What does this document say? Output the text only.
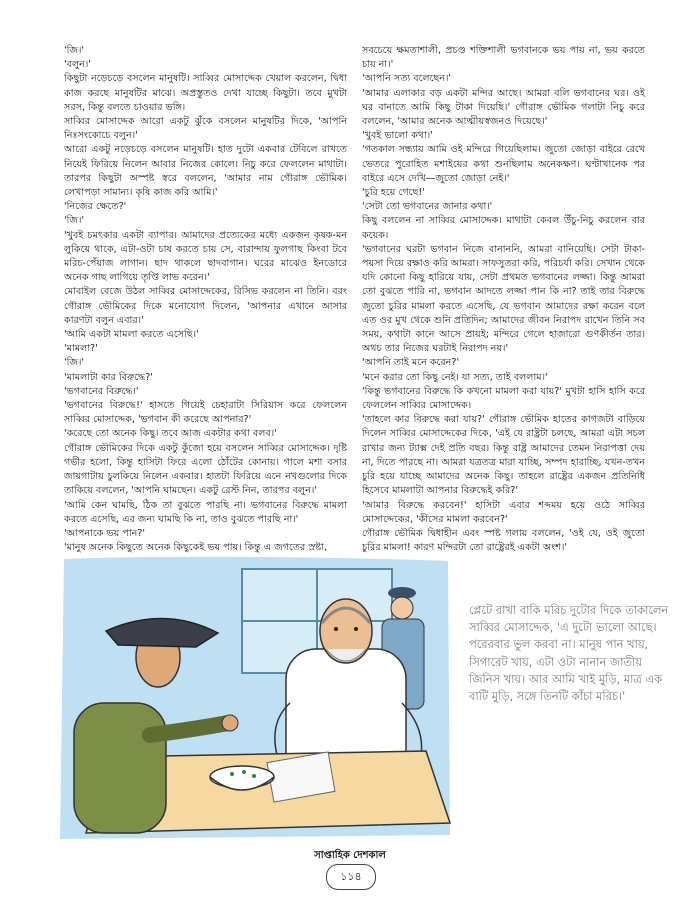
'জি।'

'বলুন।'

কিছুটা নড়েচড়ে বসলেন মানুষটি। সাব্বির মোসাদ্দেক খেয়াল করলেন, দ্বিধা কাজ করছে মানুষটির মাঝে। অপ্রস্তুতও দেখা যাচ্ছে কিছুটা। তবে মুখটা সরস, কিন্তু বলতে চাওয়ার ভঙ্গি।

সাব্বির মোসাদ্দেক আরো একটু ঝুঁকে বসলেন মানুষটির দিকে, 'আপনি নিঃসংকোচে বলুন।'

আরো একটু নড়েচড়ে বসলেন মানুষটি। হাত দুটো একবার টেবিলে রাখতে নিয়েই ফিরিয়ে নিলেন আবার নিজের কোলে। নিচু করে ফেললেন মাথাটা। তারপর কিছুটা অস্পষ্ট স্বরে বললেন, 'আমার নাম গৌরাঙ্গ ভৌমিক। লেখাপড়া সামান্য। কৃষি কাজ করি আমি।'

'নিজের ক্ষেতে?'

'জি।'

'খুবই চমৎকার একটা ব্যাপার। আমাদের প্রত্যেকের মধ্যে একজন কৃষক-মন লুকিয়ে থাকে, এটা-ওটা চাষ করতে চায় সে, বারান্দায় ফুলগাছ কিংবা টবে মরিচ-পেঁয়াজ লাগান। ছাদ থাকলে ছাদবাগান। ঘরের মাঝেও ইনডোরে অনেক গাছ লাগিয়ে তৃপ্তি লাভ করেন।'

মোবাইল বেজে উঠল সাব্বির মোসাদ্দেকের, রিসিভ করলেন না তিনি। বরং গৌরাঙ্গ ভৌমিকের দিকে মনোযোগ দিলেন, 'আপনার এখানে আসার কারণটা বলুন এবার।'

'আমি একটা মামলা করতে এসেছি।'

'মামলা?'

'জি।'

'মামলাটা কার বিরুদ্ধে?'

'ভগবানের বিরুদ্ধে।'

'ভগবানের বিরুদ্ধে!' হাসতে গিয়েই চেহারাটা সিরিয়াস করে ফেললেন সাব্বির মোসাদ্দেক, 'ভগবান কী করেছে আপনার?'

'করেছে তো অনেক কিছু। তবে আজ একটার কথা বলব।'

গৌরাঙ্গ ভৌমিকের দিকে একটু কুঁজো হয়ে বসলেন সাব্বির মোসাদ্দেক। দৃষ্টি গভীর হলো, কিন্তু হাসিটা ফিরে এলো ঠোঁটের কোনায়। গালে মশা বসার জায়গাটায় চুলকিয়ে নিলেন একবার। হাতটা ফিরিয়ে এনে নখগুলোর দিকে তাকিয়ে বললেন, 'আপনি ঘামছেন। একটু রেস্ট নিন, তারপর বলুন।'

'আমি কেন ঘামছি, ঠিক তা বুঝতে পারছি না। ভগবানের বিরুদ্ধে মামলা করতে এসেছি, এর জন্য ঘামছি কি না, তাও বুঝতে পারছি না।'

'আপনাকে ভয় পান?'

'মানুষ অনেক কিছুতে অনেক কিছুকেই ভয় পায়। কিন্তু এ জগতের স্রষ্টা,

সবচেয়ে ক্ষমতাশালী, প্রচণ্ড শক্তিশালী ভগবানকে ভয় পায় না, ভয় করতে চায় না।'

'আপনি সত্য বলেছেন।'

'আমার এলাকার বড় একটা মন্দির আছে। আমরা বলি ভগবানের ঘর। ওই ঘর বানাতে আমি কিছু টাকা দিয়েছি।' গৌরাঙ্গ ভৌমিক গলাটা নিচু করে বললেন, 'আমার অনেক আত্মীয়স্বজনও দিয়েছে।'

'খুবই ভালো কথা।'

'গতকাল সন্ধ্যায় আমি ওই মন্দিরে গিয়েছিলাম। জুতো জোড়া বাইরে রেখে ভেতরে পুরোহিত মশাইয়ের কথা শুনছিলাম অনেকক্ষণ। ঘণ্টাখানেক পর বাইরে এসে দেখি—জুতো জোড়া নেই।'

'চুরি হয়ে গেছে!'

'সেটা তো ভগবানের জানার কথা।'

কিছু বললেন না সাব্বির মোসাদ্দেক। মাথাটা কেবল উঁচু-নিচু করলেন বার কয়েক।

'ভগবানের ঘরটা ভগবান নিজে বানাননি, আমরা বানিয়েছি। সেটা টাকা-পয়সা দিয়ে রক্ষাও করি আমরা। সাফসুতরা করি, পরিচর্যা করি। সেখান থেকে যদি কোনো কিছু হারিয়ে যায়, সেটা প্রথমত ভগবানের লজ্জা। কিন্তু আমরা তো বুঝতে পারি না, ভগবান আদতে লজ্জা পান কি না? তাই তার বিরুদ্ধে জুতো চুরির মামলা করতে এসেছি, যে ভগবান আমাদের রক্ষা করেন বলে এত ওর মুখ থেকে শুনি প্রতিদিন; আমাদের জীবন নিরাপদ রাখেন তিনি সব সময়, কথাটা কানে আসে প্রায়ই; মন্দিরে গেলে হাজারো গুণকীর্তন তার। অথচ তার নিজের ঘরটাই নিরাপদ নয়।'

'আপনি তাই মনে করেন?'

'মনে করার তো কিছু নেই। যা সত্য, তাই বললাম।'

'কিন্তু ভগবানের বিরুদ্ধে কি কখনো মামলা করা যায়?' মুখটা হাসি হাসি করে ফেললেন সাব্বির মোসাদ্দেক।

'তাহলে কার বিরুদ্ধে করা যায়?' গৌরাঙ্গ ভৌমিক হাতের কাগজটা বাড়িয়ে দিলেন সাব্বির মোসাদ্দেকের দিকে, 'এই যে রাষ্ট্রটা চলছে, আমরা এটা সচল রাখার জন্য ট্যাক্স দেই প্রতি বছর। কিন্তু রাষ্ট্র আমাদের তেমন নিরাপত্তা দেয় না, দিতে পারছে না। আমরা যত্রতত্র মারা যাচ্ছি, সম্পদ হারাচ্ছি, যখন-তখন চুরি হয়ে যাচ্ছে আমাদের অনেক কিছু। তাহলে রাষ্ট্রের একজন প্রতিনিধি হিসেবে মামলাটা আপনার বিরুদ্ধেই করি?'

'আমার বিরুদ্ধে করবেন!' হাসিটা এবার শব্দময় হয়ে ওঠে সাব্বির মোসাদ্দেকের, 'কীসের মামলা করবেন?'

গৌরাঙ্গ ভৌমিক দ্বিধাহীন এবং স্পষ্ট গলায় বললেন, 'ওই যে, ওই জুতো চুরির মামলা! কারণ মন্দিরটা তো রাষ্ট্রেরই একটা অংশ।'

প্লেটে রাখা বাকি মরিচ দুটোর দিকে তাকালেন সাব্বির মোসাদ্দেক, 'এ দুটো ভালো আছে। পরেরবার ভুল করবা না। মানুষ পান খায়, সিগারেট খায়, এটা ওটা নানান জাতীয় জিনিস খায়। আর আমি খাই মুড়ি, মাত্র এক বাটি মুড়ি, সঙ্গে তিনটি কাঁচা মরিচ।'
সাপ্তাহিক দেশকাল
১১৪
